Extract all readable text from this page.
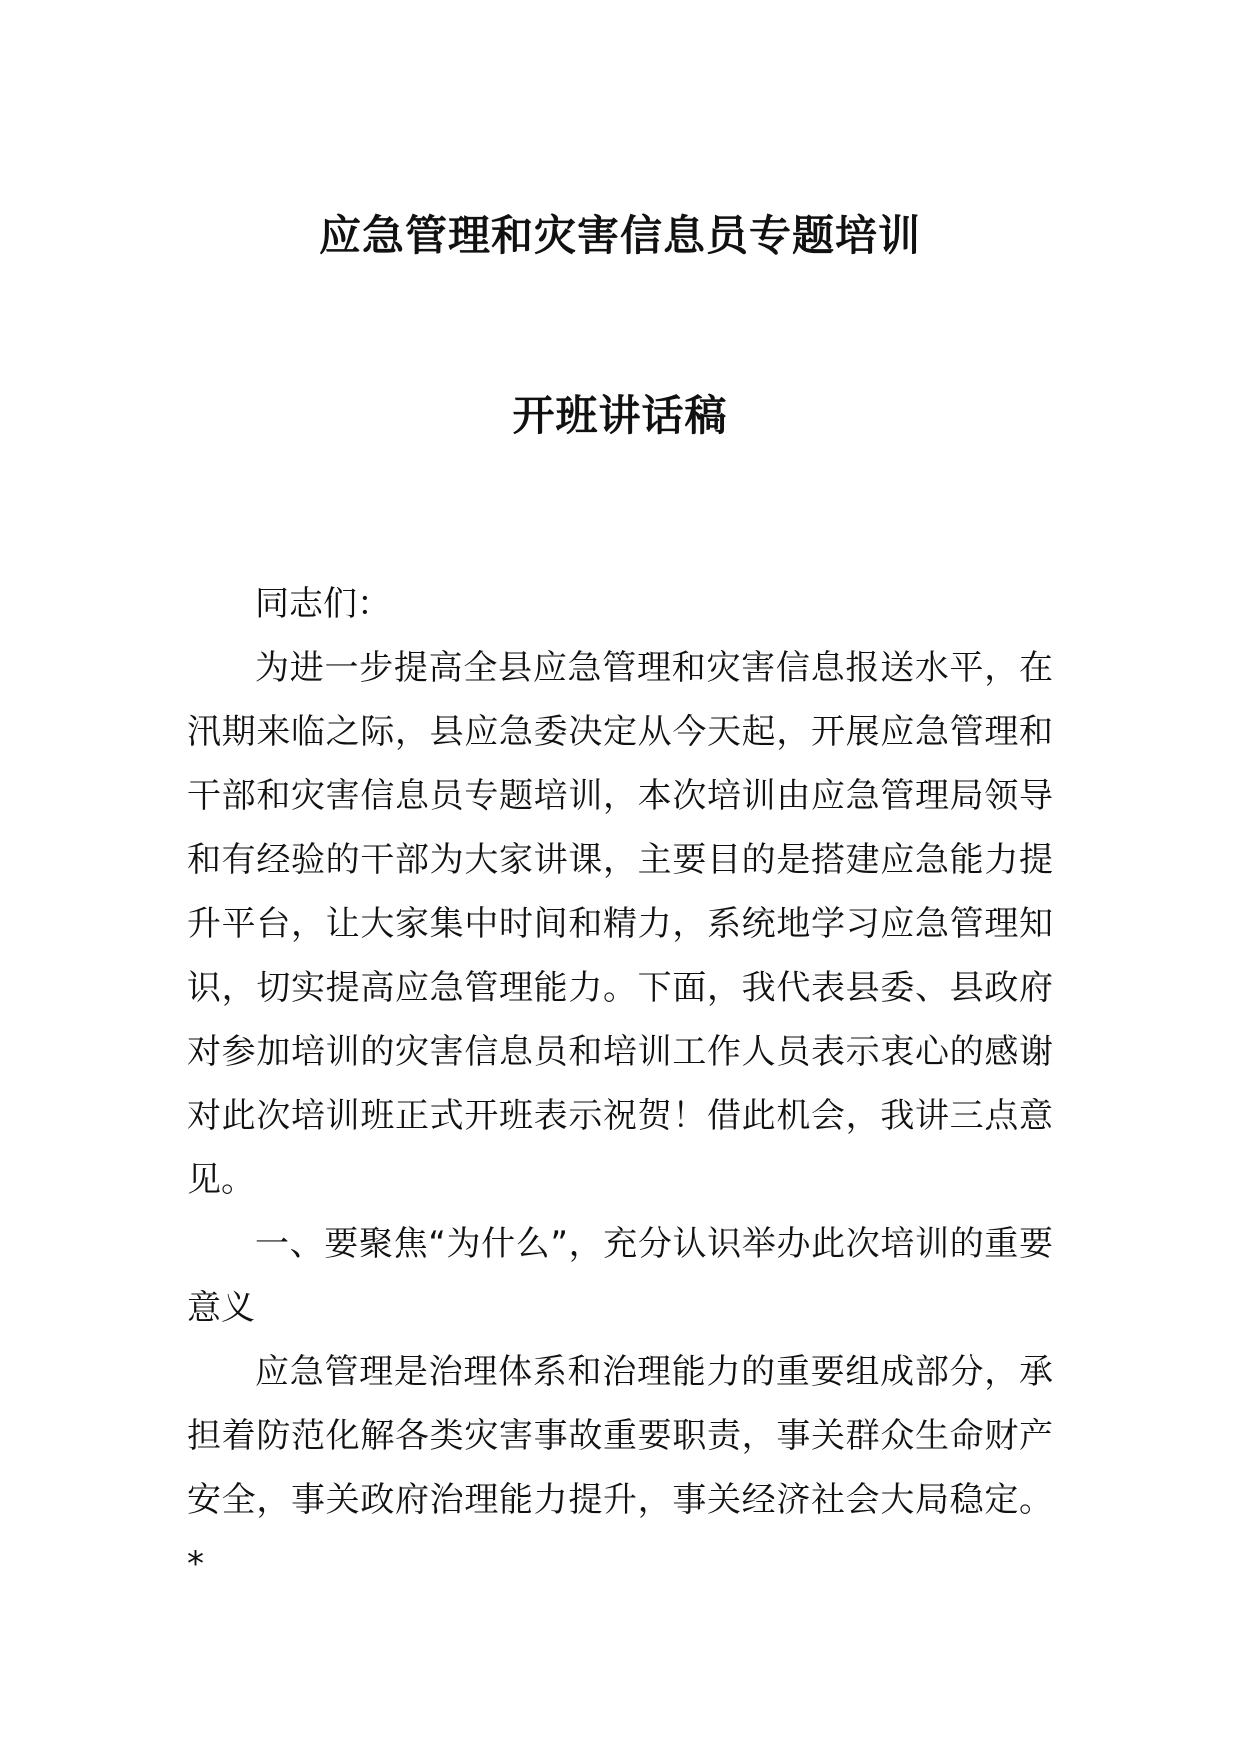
应急管理和灾害信息员专题培训
开班讲话稿

同志们：

为进一步提高全县应急管理和灾害信息报送水平，在汛期来临之际，县应急委决定从今天起，开展应急管理和干部和灾害信息员专题培训，本次培训由应急管理局领导和有经验的干部为大家讲课，主要目的是搭建应急能力提升平台，让大家集中时间和精力，系统地学习应急管理知识，切实提高应急管理能力。下面，我代表县委、县政府对参加培训的灾害信息员和培训工作人员表示衷心的感谢对此次培训班正式开班表示祝贺！借此机会，我讲三点意见。

一、要聚焦“为什么”，充分认识举办此次培训的重要意义

应急管理是治理体系和治理能力的重要组成部分，承担着防范化解各类灾害事故重要职责，事关群众生命财产安全，事关政府治理能力提升，事关经济社会大局稳定。*
